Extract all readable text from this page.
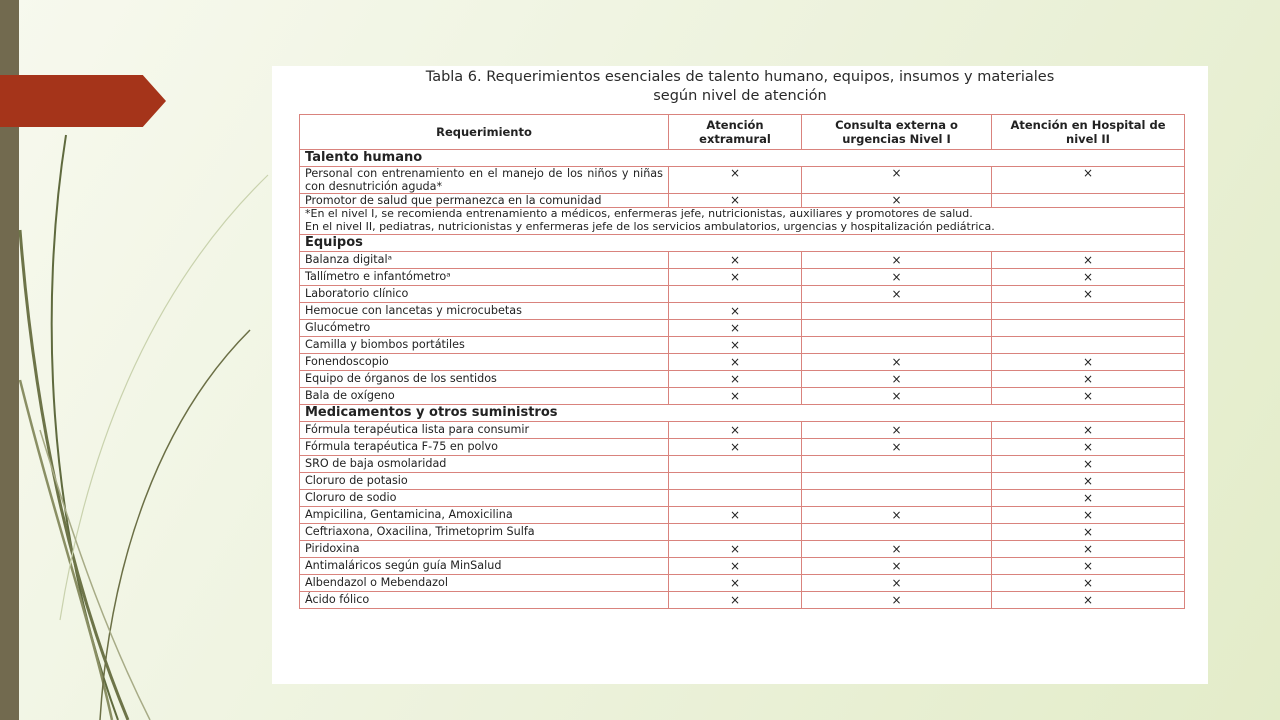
Tabla 6. Requerimientos esenciales de talento humano, equipos, insumos y materiales
según nivel de atención
Requerimiento	Atención extramural	Consulta externa o urgencias Nivel I	Atención en Hospital de nivel II
Talento humano			
Personal con entrenamiento en el manejo de los niños y niñas con desnutrición aguda*	×	×	×
Promotor de salud que permanezca en la comunidad	×	×	

*En el nivel I, se recomienda entrenamiento a médicos, enfermeras jefe, nutricionistas, auxiliares y promotores de salud.
En el nivel II, pediatras, nutricionistas y enfermeras jefe de los servicios ambulatorios, urgencias y hospitalización pediátrica.			

Equipos			
Balanza digitalᵃ	×	×	×
Tallímetro e infantómetroᵃ	×	×	×
Laboratorio clínico		×	×
Hemocue con lancetas y microcubetas	×		
Glucómetro	×		
Camilla y biombos portátiles	×		
Fonendoscopio	×	×	×
Equipo de órganos de los sentidos	×	×	×
Bala de oxígeno	×	×	×
Medicamentos y otros suministros			
Fórmula terapéutica lista para consumir	×	×	×
Fórmula terapéutica F-75 en polvo	×	×	×
SRO de baja osmolaridad			×
Cloruro de potasio			×
Cloruro de sodio			×
Ampicilina, Gentamicina, Amoxicilina	×	×	×
Ceftriaxona, Oxacilina, Trimetoprim Sulfa			×
Piridoxina	×	×	×
Antimaláricos según guía MinSalud	×	×	×
Albendazol o Mebendazol	×	×	×
Ácido fólico	×	×	×
